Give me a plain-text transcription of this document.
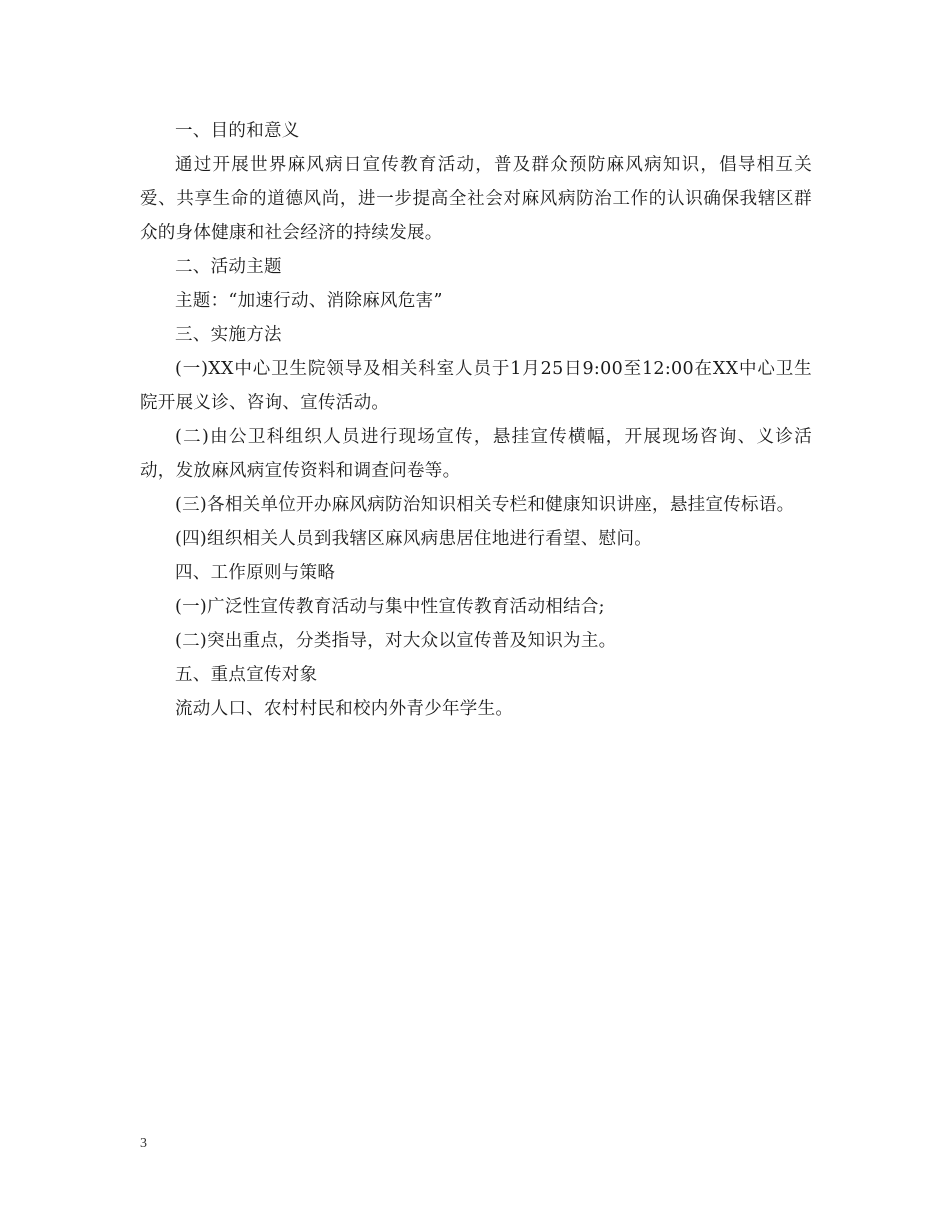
一、目的和意义

通过开展世界麻风病日宣传教育活动，普及群众预防麻风病知识，倡导相互关爱、共享生命的道德风尚，进一步提高全社会对麻风病防治工作的认识确保我辖区群众的身体健康和社会经济的持续发展。

二、活动主题

主题：“加速行动、消除麻风危害”

三、实施方法

(一)XX中心卫生院领导及相关科室人员于1月25日9:00至12:00在XX中心卫生院开展义诊、咨询、宣传活动。

(二)由公卫科组织人员进行现场宣传，悬挂宣传横幅，开展现场咨询、义诊活动，发放麻风病宣传资料和调查问卷等。

(三)各相关单位开办麻风病防治知识相关专栏和健康知识讲座，悬挂宣传标语。

(四)组织相关人员到我辖区麻风病患居住地进行看望、慰问。

四、工作原则与策略

(一)广泛性宣传教育活动与集中性宣传教育活动相结合;

(二)突出重点，分类指导，对大众以宣传普及知识为主。

五、重点宣传对象

流动人口、农村村民和校内外青少年学生。

3
